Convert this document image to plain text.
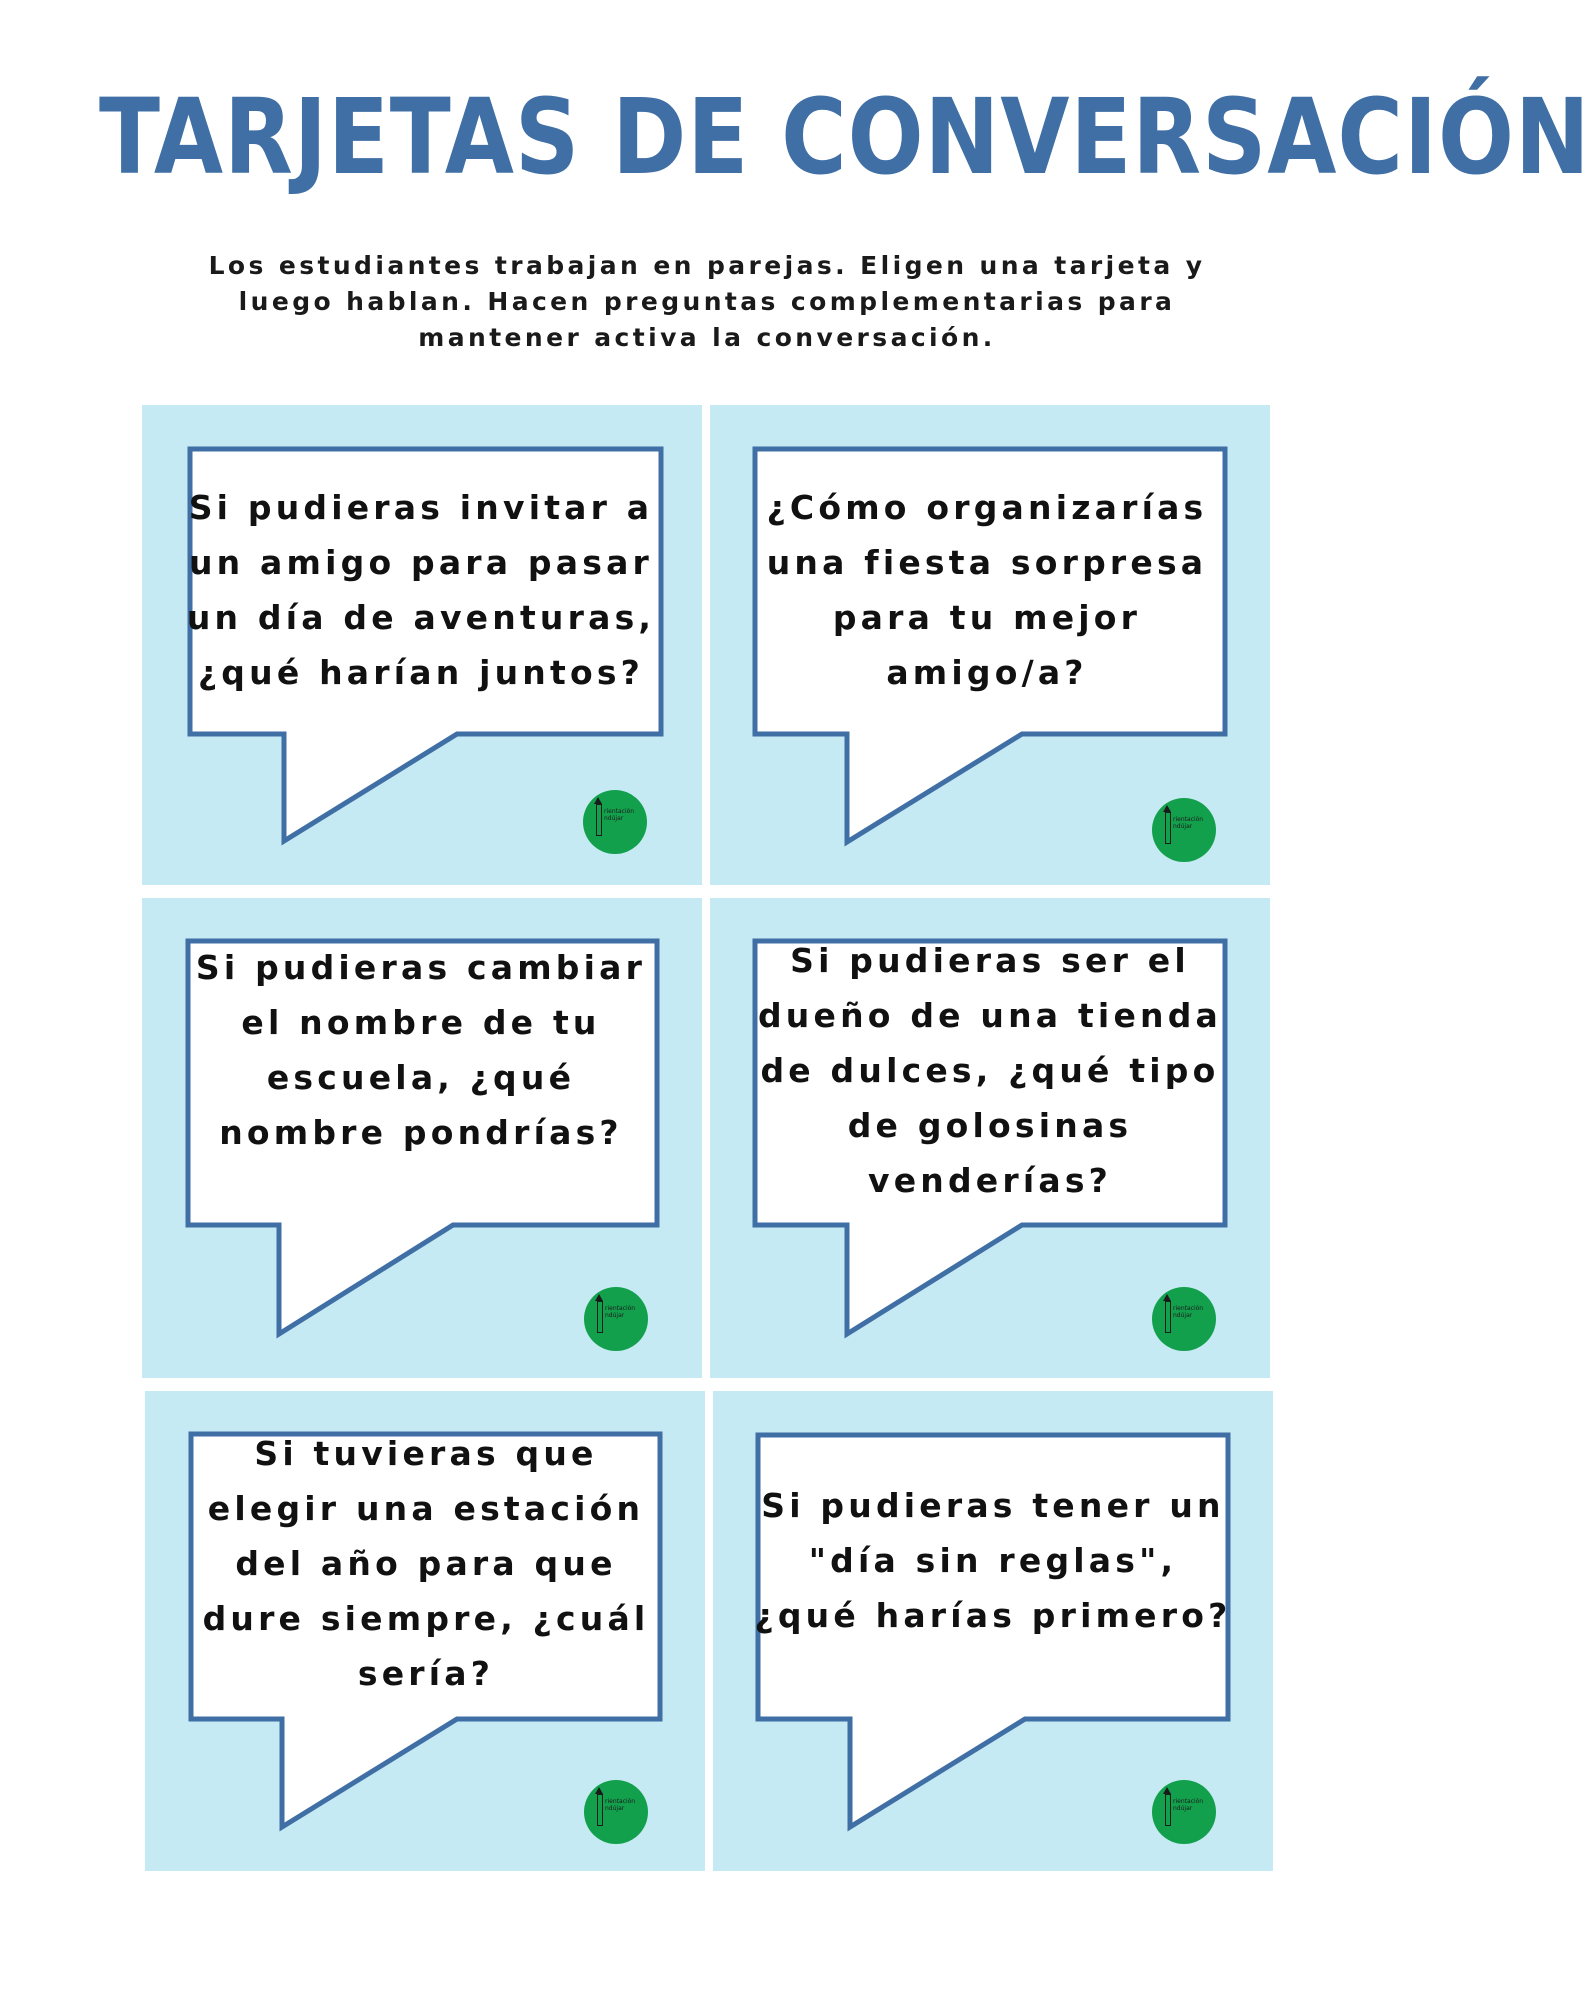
TARJETAS DE CONVERSACIÓN
Los estudiantes trabajan en parejas. Eligen una tarjeta y luego hablan. Hacen preguntas complementarias para mantener activa la conversación.
Si pudieras invitar a un amigo para pasar un día de aventuras, ¿qué harían juntos?
rientación
ndújar
¿Cómo organizarías una fiesta sorpresa para tu mejor amigo/a?
rientación
ndújar
Si pudieras cambiar el nombre de tu escuela, ¿qué nombre pondrías?
rientación
ndújar
Si pudieras ser el dueño de una tienda de dulces, ¿qué tipo de golosinas venderías?
rientación
ndújar
Si tuvieras que elegir una estación del año para que dure siempre, ¿cuál sería?
rientación
ndújar
Si pudieras tener un "día sin reglas", ¿qué harías primero?
rientación
ndújar
